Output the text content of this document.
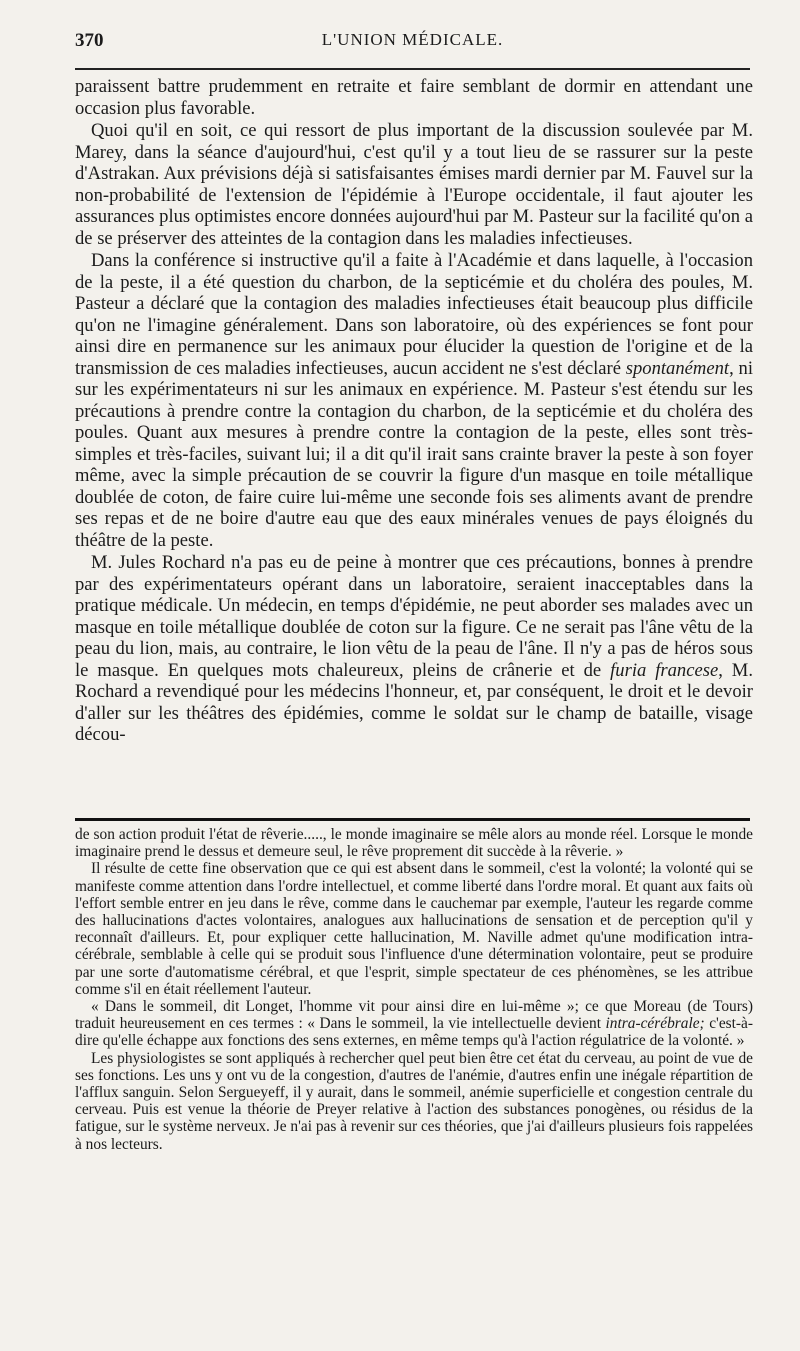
370	L'UNION MÉDICALE.

paraissent battre prudemment en retraite et faire semblant de dormir en attendant une occasion plus favorable.

Quoi qu'il en soit, ce qui ressort de plus important de la discussion soulevée par M. Marey, dans la séance d'aujourd'hui, c'est qu'il y a tout lieu de se rassurer sur la peste d'Astrakan. Aux prévisions déjà si satisfaisantes émises mardi dernier par M. Fauvel sur la non-probabilité de l'extension de l'épidémie à l'Europe occidentale, il faut ajouter les assurances plus optimistes encore données aujourd'hui par M. Pasteur sur la facilité qu'on a de se préserver des atteintes de la contagion dans les maladies infectieuses.

Dans la conférence si instructive qu'il a faite à l'Académie et dans laquelle, à l'occasion de la peste, il a été question du charbon, de la septicémie et du choléra des poules, M. Pasteur a déclaré que la contagion des maladies infectieuses était beaucoup plus difficile qu'on ne l'imagine généralement. Dans son laboratoire, où des expériences se font pour ainsi dire en permanence sur les animaux pour élucider la question de l'origine et de la transmission de ces maladies infectieuses, aucun accident ne s'est déclaré spontanément, ni sur les expérimentateurs ni sur les animaux en expérience. M. Pasteur s'est étendu sur les précautions à prendre contre la contagion du charbon, de la septicémie et du choléra des poules. Quant aux mesures à prendre contre la contagion de la peste, elles sont très-simples et très-faciles, suivant lui; il a dit qu'il irait sans crainte braver la peste à son foyer même, avec la simple précaution de se couvrir la figure d'un masque en toile métallique doublée de coton, de faire cuire lui-même une seconde fois ses aliments avant de prendre ses repas et de ne boire d'autre eau que des eaux minérales venues de pays éloignés du théâtre de la peste.

M. Jules Rochard n'a pas eu de peine à montrer que ces précautions, bonnes à prendre par des expérimentateurs opérant dans un laboratoire, seraient inacceptables dans la pratique médicale. Un médecin, en temps d'épidémie, ne peut aborder ses malades avec un masque en toile métallique doublée de coton sur la figure. Ce ne serait pas l'âne vêtu de la peau du lion, mais, au contraire, le lion vêtu de la peau de l'âne. Il n'y a pas de héros sous le masque. En quelques mots chaleureux, pleins de crânerie et de furia francese, M. Rochard a revendiqué pour les médecins l'honneur, et, par conséquent, le droit et le devoir d'aller sur les théâtres des épidémies, comme le soldat sur le champ de bataille, visage décou-

de son action produit l'état de rêverie....., le monde imaginaire se mêle alors au monde réel. Lorsque le monde imaginaire prend le dessus et demeure seul, le rêve proprement dit succède à la rêverie. »

Il résulte de cette fine observation que ce qui est absent dans le sommeil, c'est la volonté; la volonté qui se manifeste comme attention dans l'ordre intellectuel, et comme liberté dans l'ordre moral. Et quant aux faits où l'effort semble entrer en jeu dans le rêve, comme dans le cauchemar par exemple, l'auteur les regarde comme des hallucinations d'actes volontaires, analogues aux hallucinations de sensation et de perception qu'il y reconnaît d'ailleurs. Et, pour expliquer cette hallucination, M. Naville admet qu'une modification intra-cérébrale, semblable à celle qui se produit sous l'influence d'une détermination volontaire, peut se produire par une sorte d'automatisme cérébral, et que l'esprit, simple spectateur de ces phénomènes, se les attribue comme s'il en était réellement l'auteur.

« Dans le sommeil, dit Longet, l'homme vit pour ainsi dire en lui-même »; ce que Moreau (de Tours) traduit heureusement en ces termes : « Dans le sommeil, la vie intellectuelle devient intra-cérébrale; c'est-à-dire qu'elle échappe aux fonctions des sens externes, en même temps qu'à l'action régulatrice de la volonté. »

Les physiologistes se sont appliqués à rechercher quel peut bien être cet état du cerveau, au point de vue de ses fonctions. Les uns y ont vu de la congestion, d'autres de l'anémie, d'autres enfin une inégale répartition de l'afflux sanguin. Selon Sergueyeff, il y aurait, dans le sommeil, anémie superficielle et congestion centrale du cerveau. Puis est venue la théorie de Preyer relative à l'action des substances ponogènes, ou résidus de la fatigue, sur le système nerveux. Je n'ai pas à revenir sur ces théories, que j'ai d'ailleurs plusieurs fois rappelées à nos lecteurs.
